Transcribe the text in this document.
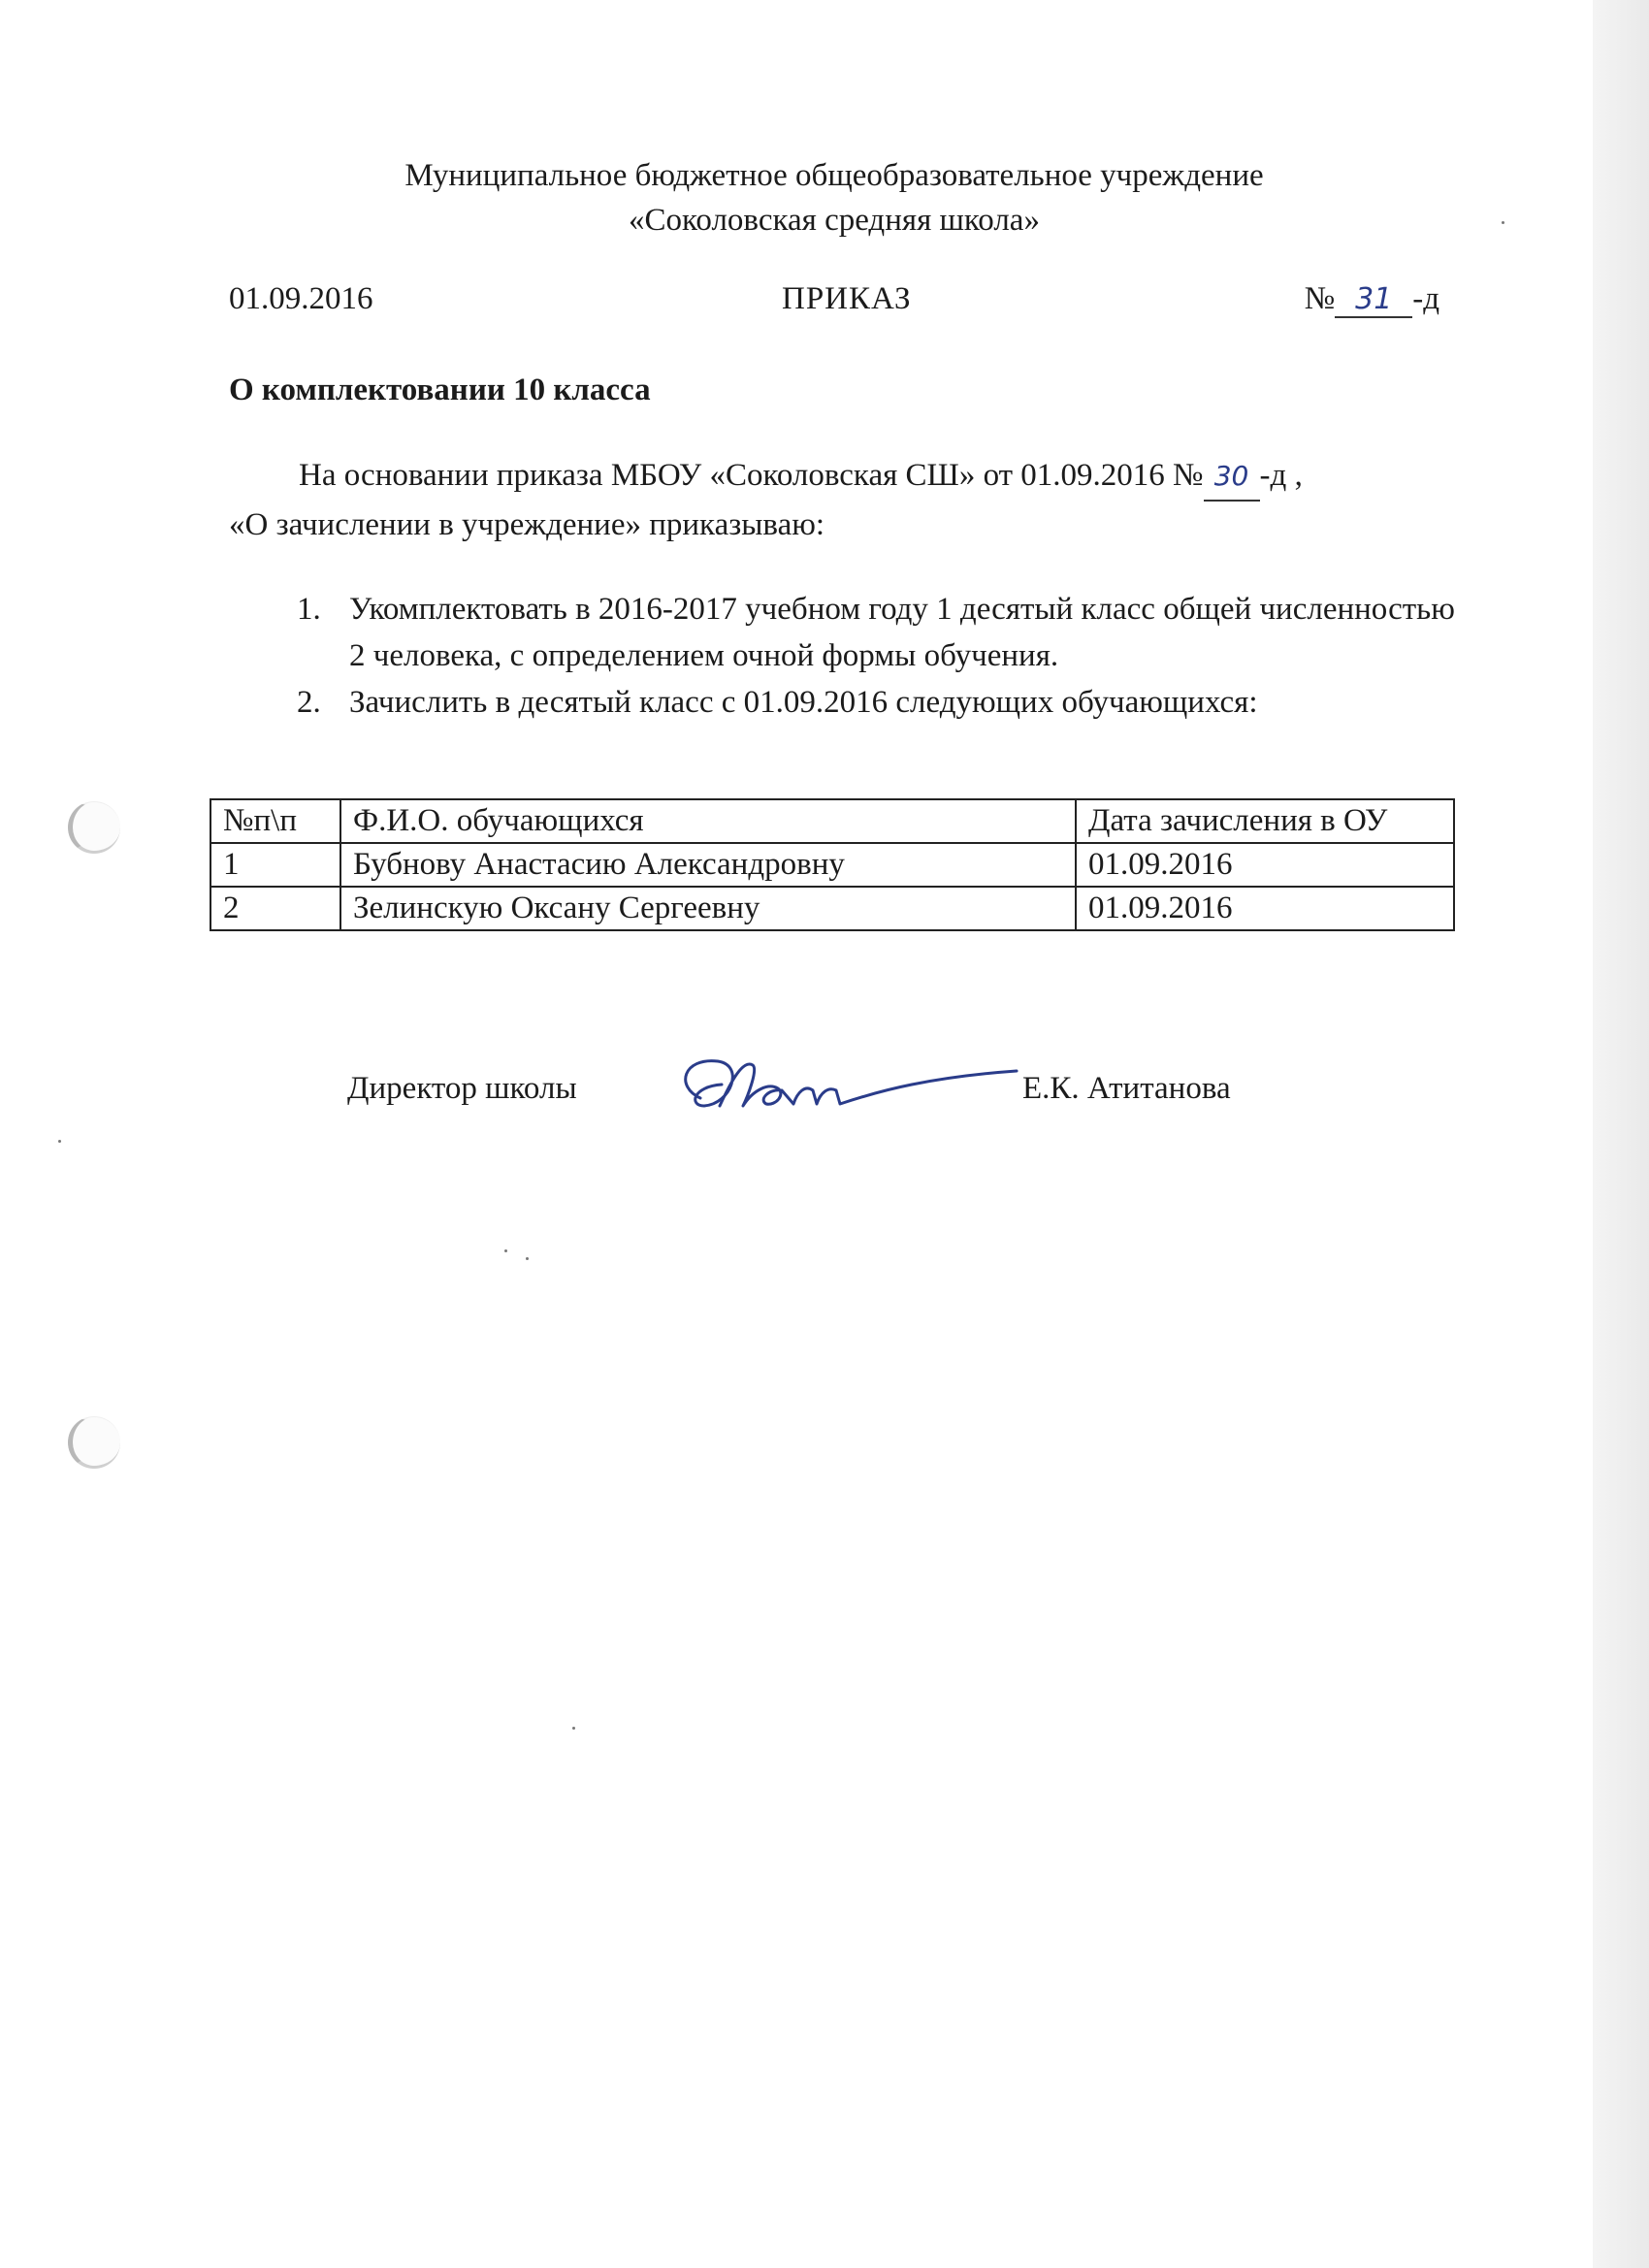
Муниципальное бюджетное общеобразовательное учреждение
«Соколовская средняя школа»
01.09.2016	ПРИКАЗ	№ 31 -д
О комплектовании 10 класса
На основании приказа МБОУ «Соколовская СШ» от 01.09.2016 № 30 -д ,
«О зачислении в учреждение» приказываю:
1. Укомплектовать в 2016-2017 учебном году 1 десятый класс общей численностью 2 человека, с определением очной формы обучения.
2. Зачислить в десятый класс с 01.09.2016 следующих обучающихся:
№п\п	Ф.И.О. обучающихся	Дата зачисления в ОУ
1	Бубнову Анастасию Александровну	01.09.2016
2	Зелинскую Оксану Сергеевну	01.09.2016
Директор школы	Е.К. Атитанова
